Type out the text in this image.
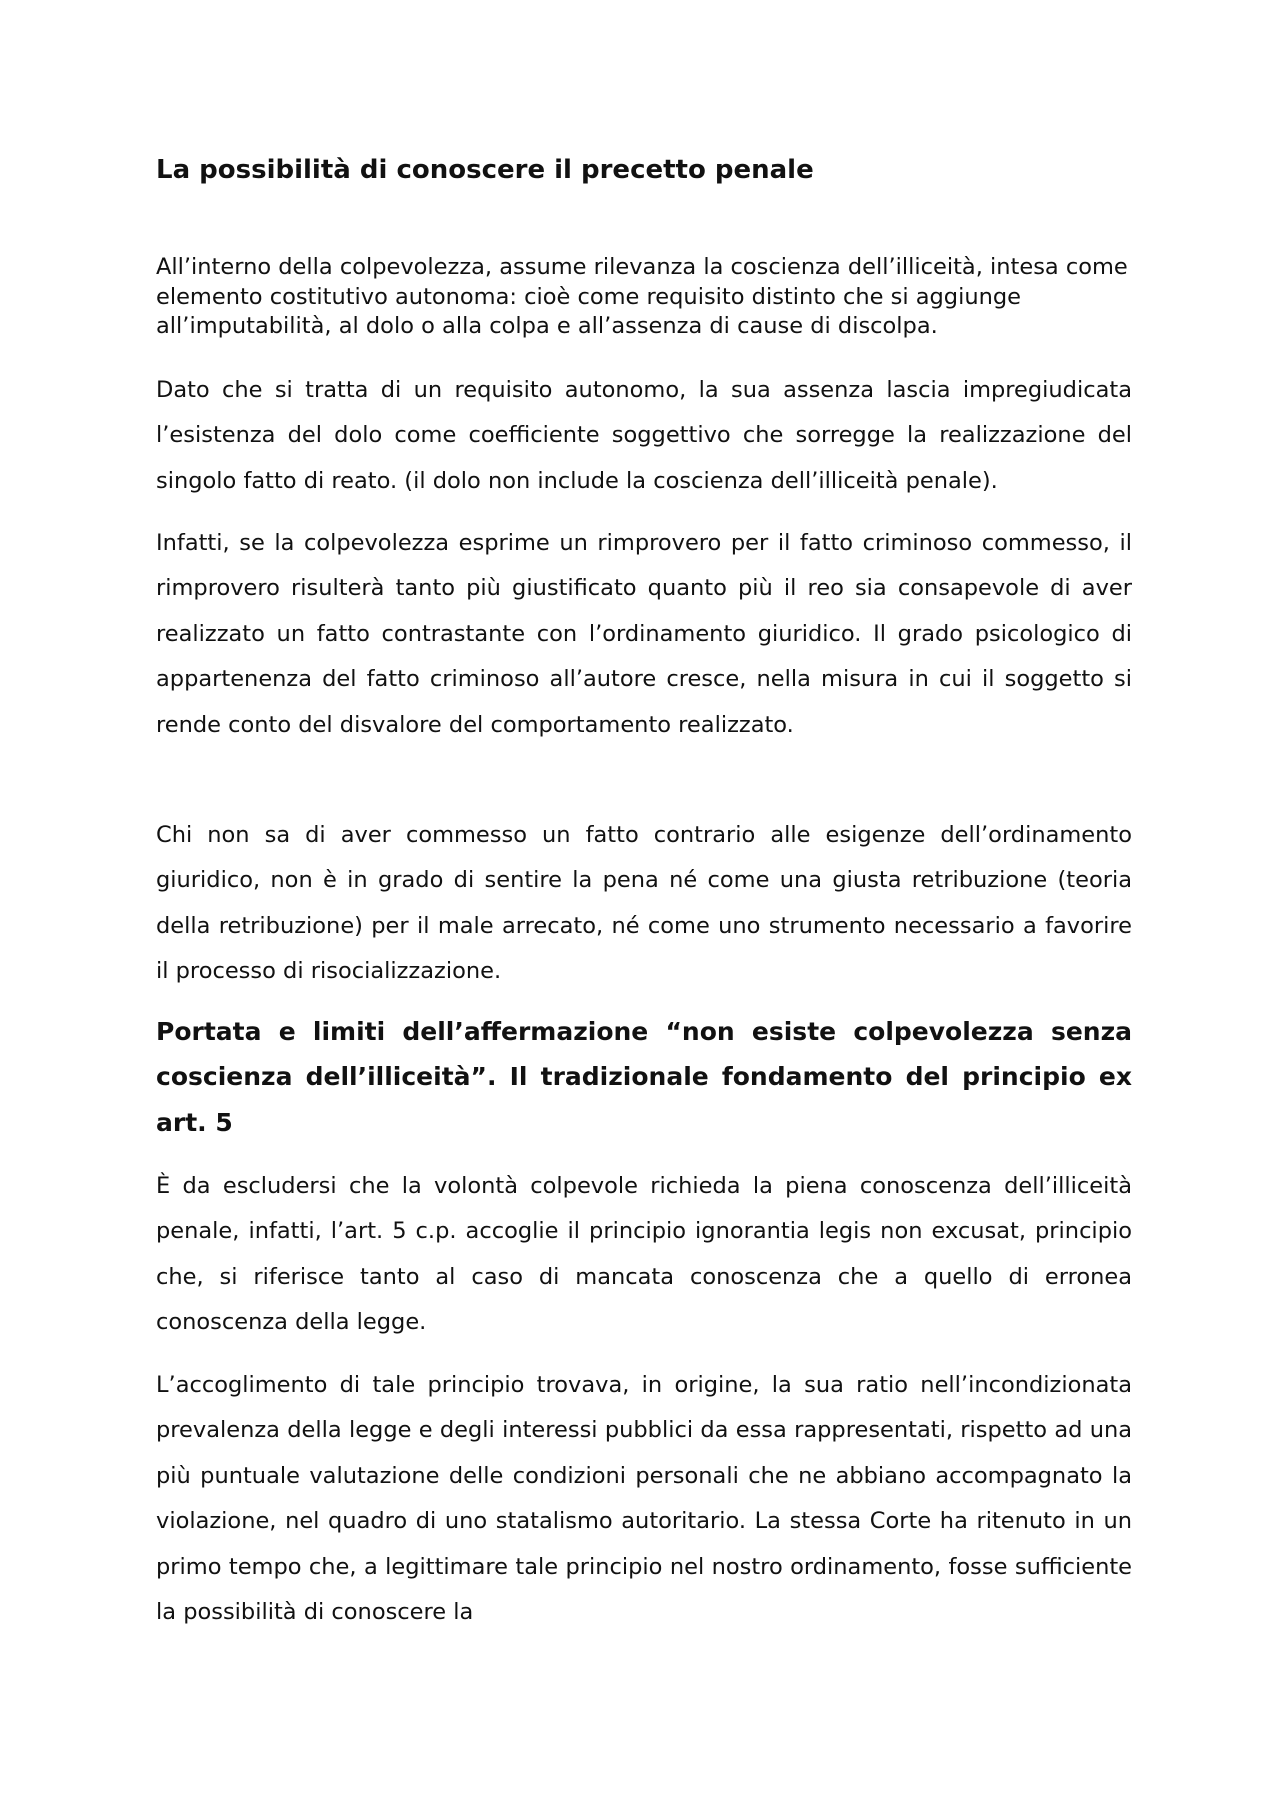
La possibilità di conoscere il precetto penale

All’interno della colpevolezza, assume rilevanza la coscienza dell’illiceità, intesa come elemento costitutivo autonoma: cioè come requisito distinto che si aggiunge all’imputabilità, al dolo o alla colpa e all’assenza di cause di discolpa.

Dato che si tratta di un requisito autonomo, la sua assenza lascia impregiudicata l’esistenza del dolo come coefficiente soggettivo che sorregge la realizzazione del singolo fatto di reato. (il dolo non include la coscienza dell’illiceità penale).

Infatti, se la colpevolezza esprime un rimprovero per il fatto criminoso commesso, il rimprovero risulterà tanto più giustificato quanto più il reo sia consapevole di aver realizzato un fatto contrastante con l’ordinamento giuridico. Il grado psicologico di appartenenza del fatto criminoso all’autore cresce, nella misura in cui il soggetto si rende conto del disvalore del comportamento realizzato.

Chi non sa di aver commesso un fatto contrario alle esigenze dell’ordinamento giuridico, non è in grado di sentire la pena né come una giusta retribuzione (teoria della retribuzione) per il male arrecato, né come uno strumento necessario a favorire il processo di risocializzazione.

Portata e limiti dell’affermazione “non esiste colpevolezza senza coscienza dell’illiceità”. Il tradizionale fondamento del principio ex art. 5

È da escludersi che la volontà colpevole richieda la piena conoscenza dell’illiceità penale, infatti, l’art. 5 c.p. accoglie il principio ignorantia legis non excusat, principio che, si riferisce tanto al caso di mancata conoscenza che a quello di erronea conoscenza della legge.

L’accoglimento di tale principio trovava, in origine, la sua ratio nell’incondizionata prevalenza della legge e degli interessi pubblici da essa rappresentati, rispetto ad una più puntuale valutazione delle condizioni personali che ne abbiano accompagnato la violazione, nel quadro di uno statalismo autoritario. La stessa Corte ha ritenuto in un primo tempo che, a legittimare tale principio nel nostro ordinamento, fosse sufficiente la possibilità di conoscere la
